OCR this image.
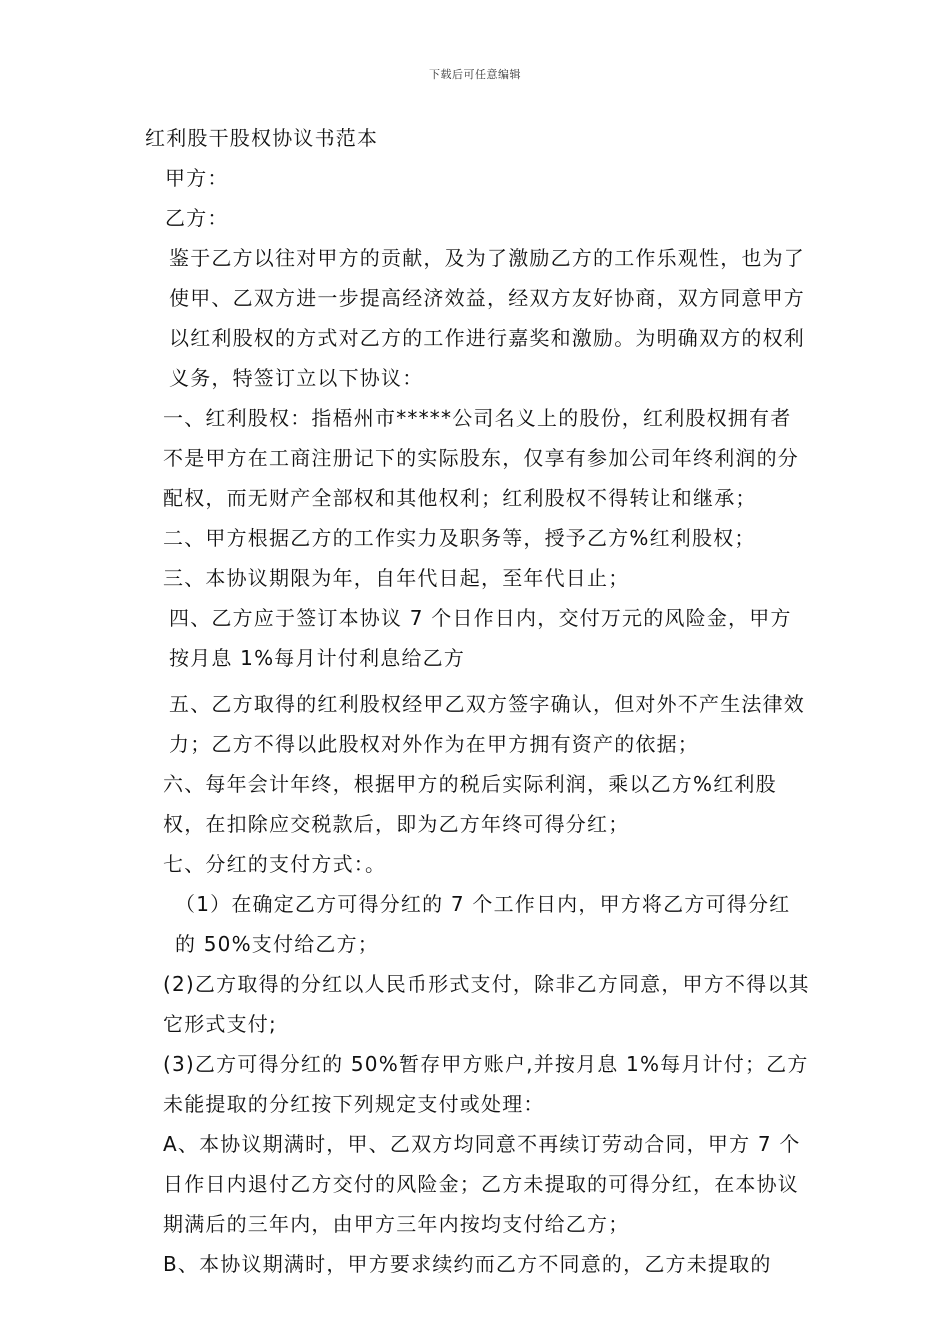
下载后可任意编辑
红利股干股权协议书范本

甲方：

乙方：

鉴于乙方以往对甲方的贡献，及为了激励乙方的工作乐观性，也为了使甲、乙双方进一步提高经济效益，经双方友好协商，双方同意甲方以红利股权的方式对乙方的工作进行嘉奖和激励。为明确双方的权利义务，特签订立以下协议：

一、红利股权：指梧州市*****公司名义上的股份，红利股权拥有者不是甲方在工商注册记下的实际股东，仅享有参加公司年终利润的分配权，而无财产全部权和其他权利；红利股权不得转让和继承；

二、甲方根据乙方的工作实力及职务等，授予乙方%红利股权；

三、本协议期限为年，自年代日起，至年代日止；

四、乙方应于签订本协议 7 个日作日内，交付万元的风险金，甲方按月息 1%每月计付利息给乙方

五、乙方取得的红利股权经甲乙双方签字确认，但对外不产生法律效力；乙方不得以此股权对外作为在甲方拥有资产的依据；

六、每年会计年终，根据甲方的税后实际利润，乘以乙方%红利股权，在扣除应交税款后，即为乙方年终可得分红；

七、分红的支付方式：。

（1）在确定乙方可得分红的 7 个工作日内，甲方将乙方可得分红的 50%支付给乙方；

(2)乙方取得的分红以人民币形式支付，除非乙方同意，甲方不得以其它形式支付;

(3)乙方可得分红的 50%暂存甲方账户,并按月息 1%每月计付；乙方未能提取的分红按下列规定支付或处理：

A、本协议期满时，甲、乙双方均同意不再续订劳动合同，甲方 7 个日作日内退付乙方交付的风险金；乙方未提取的可得分红，在本协议期满后的三年内，由甲方三年内按均支付给乙方；

B、本协议期满时，甲方要求续约而乙方不同意的，乙方未提取的
